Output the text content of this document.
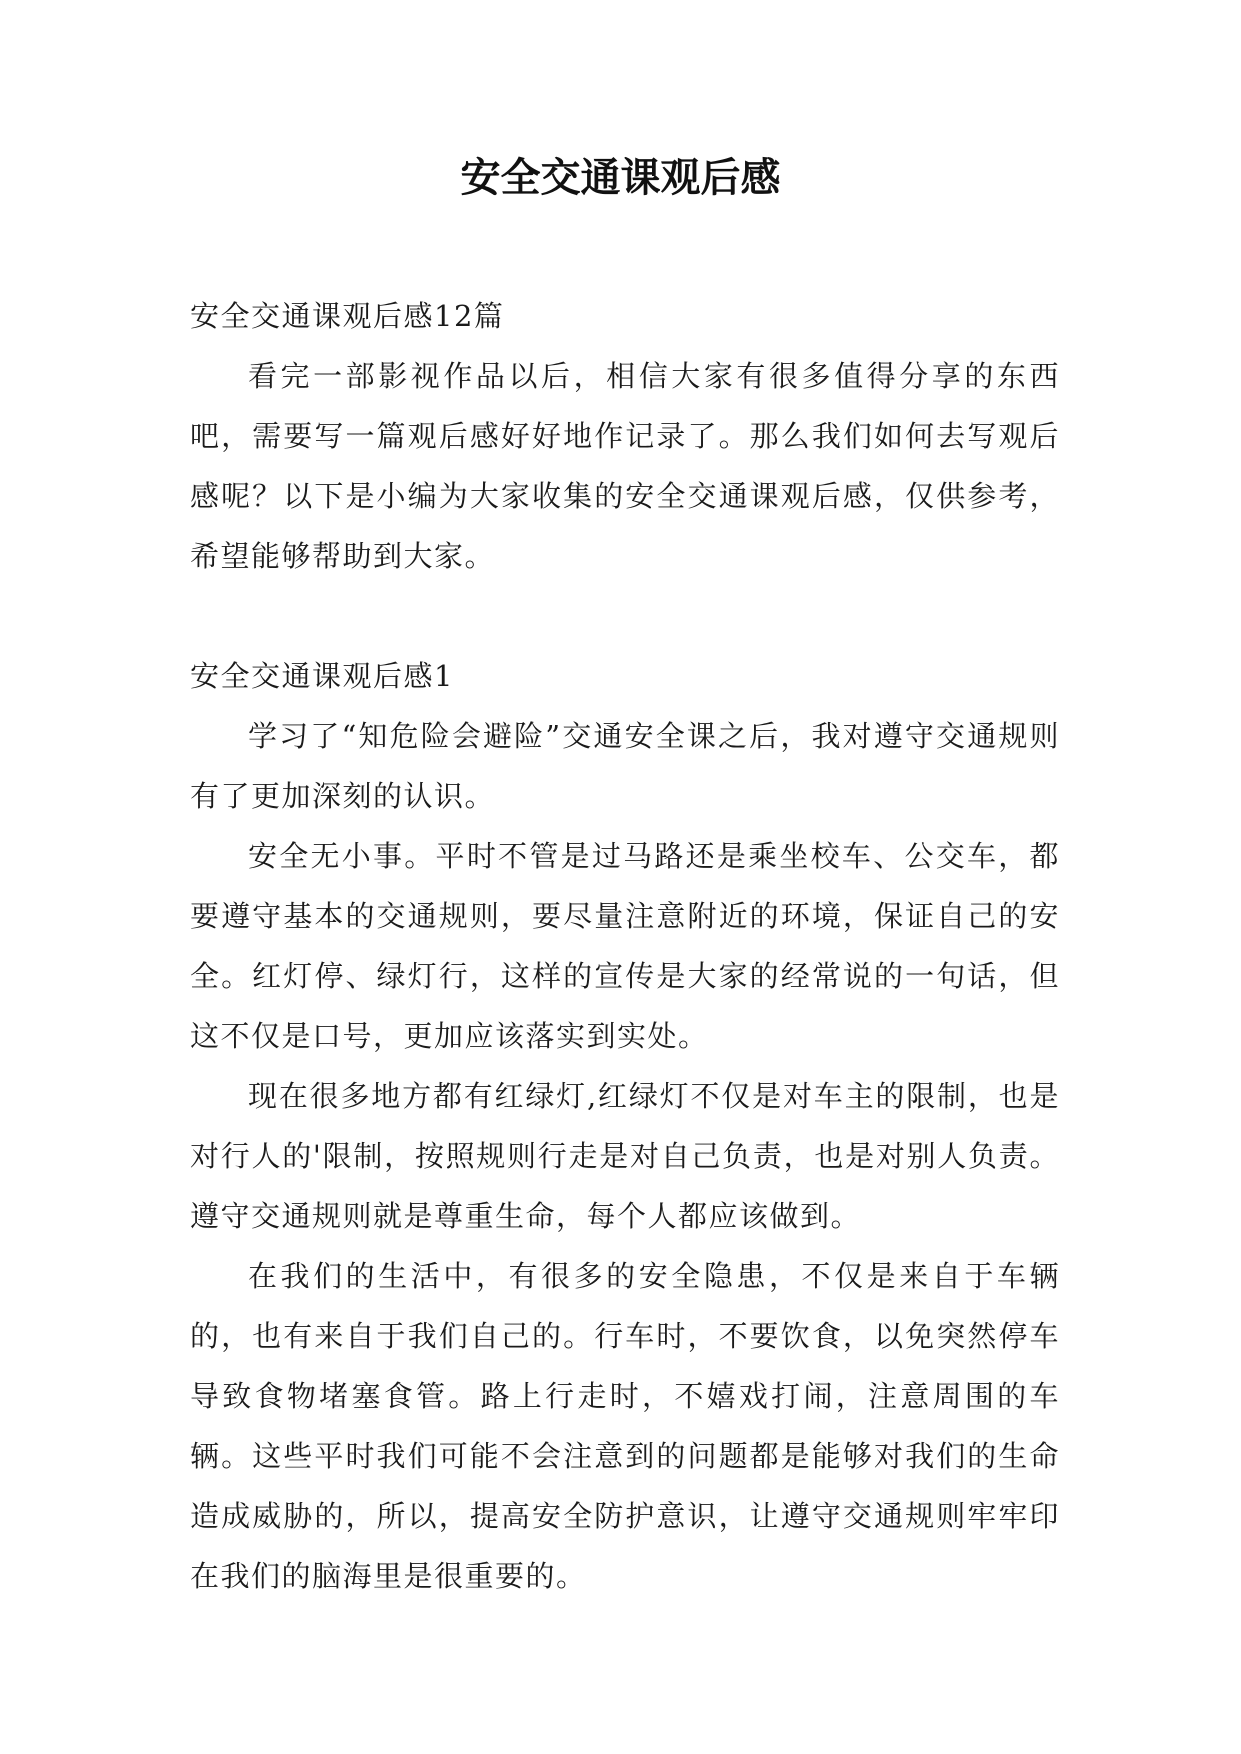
安全交通课观后感

安全交通课观后感12篇

看完一部影视作品以后，相信大家有很多值得分享的东西吧，需要写一篇观后感好好地作记录了。那么我们如何去写观后感呢？以下是小编为大家收集的安全交通课观后感，仅供参考，希望能够帮助到大家。

安全交通课观后感1

学习了“知危险会避险”交通安全课之后，我对遵守交通规则有了更加深刻的认识。

安全无小事。平时不管是过马路还是乘坐校车、公交车，都要遵守基本的交通规则，要尽量注意附近的环境，保证自己的安全。红灯停、绿灯行，这样的宣传是大家的经常说的一句话，但这不仅是口号，更加应该落实到实处。

现在很多地方都有红绿灯,红绿灯不仅是对车主的限制，也是对行人的'限制，按照规则行走是对自己负责，也是对别人负责。遵守交通规则就是尊重生命，每个人都应该做到。

在我们的生活中，有很多的安全隐患，不仅是来自于车辆的，也有来自于我们自己的。行车时，不要饮食，以免突然停车导致食物堵塞食管。路上行走时，不嬉戏打闹，注意周围的车辆。这些平时我们可能不会注意到的问题都是能够对我们的生命造成威胁的，所以，提高安全防护意识，让遵守交通规则牢牢印在我们的脑海里是很重要的。
